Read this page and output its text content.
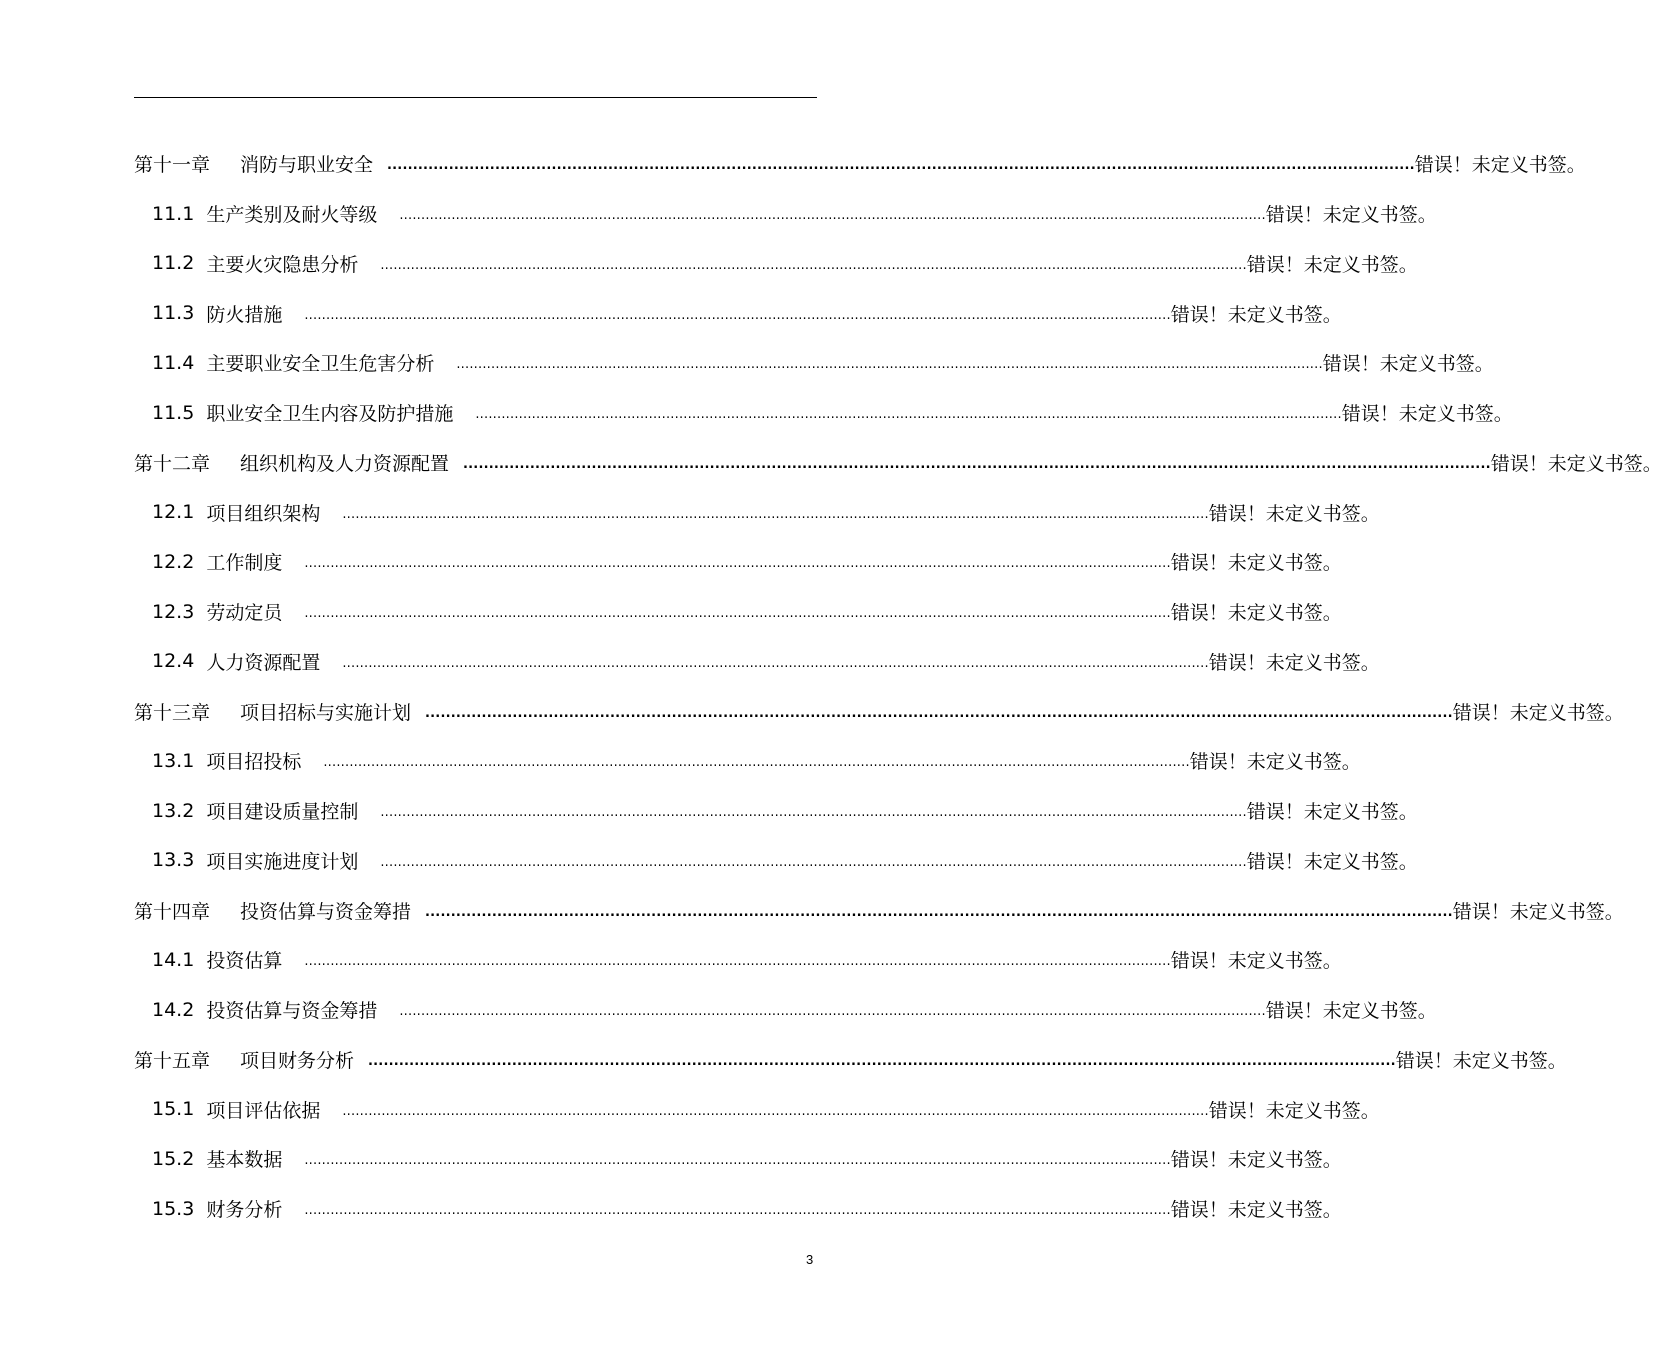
第十一章 消防与职业安全 ........................................................................................................................................................................................................ 错误！未定义书签。
11.1 生产类别及耐火等级 ........................................................................................................................................................................................................ 错误！未定义书签。
11.2 主要火灾隐患分析 ........................................................................................................................................................................................................ 错误！未定义书签。
11.3 防火措施 ........................................................................................................................................................................................................ 错误！未定义书签。
11.4 主要职业安全卫生危害分析 ........................................................................................................................................................................................................ 错误！未定义书签。
11.5 职业安全卫生内容及防护措施 ........................................................................................................................................................................................................ 错误！未定义书签。
第十二章 组织机构及人力资源配置 ........................................................................................................................................................................................................ 错误！未定义书签。
12.1 项目组织架构 ........................................................................................................................................................................................................ 错误！未定义书签。
12.2 工作制度 ........................................................................................................................................................................................................ 错误！未定义书签。
12.3 劳动定员 ........................................................................................................................................................................................................ 错误！未定义书签。
12.4 人力资源配置 ........................................................................................................................................................................................................ 错误！未定义书签。
第十三章 项目招标与实施计划 ........................................................................................................................................................................................................ 错误！未定义书签。
13.1 项目招投标 ........................................................................................................................................................................................................ 错误！未定义书签。
13.2 项目建设质量控制 ........................................................................................................................................................................................................ 错误！未定义书签。
13.3 项目实施进度计划 ........................................................................................................................................................................................................ 错误！未定义书签。
第十四章 投资估算与资金筹措 ........................................................................................................................................................................................................ 错误！未定义书签。
14.1 投资估算 ........................................................................................................................................................................................................ 错误！未定义书签。
14.2 投资估算与资金筹措 ........................................................................................................................................................................................................ 错误！未定义书签。
第十五章 项目财务分析 ........................................................................................................................................................................................................ 错误！未定义书签。
15.1 项目评估依据 ........................................................................................................................................................................................................ 错误！未定义书签。
15.2 基本数据 ........................................................................................................................................................................................................ 错误！未定义书签。
15.3 财务分析 ........................................................................................................................................................................................................ 错误！未定义书签。
3
